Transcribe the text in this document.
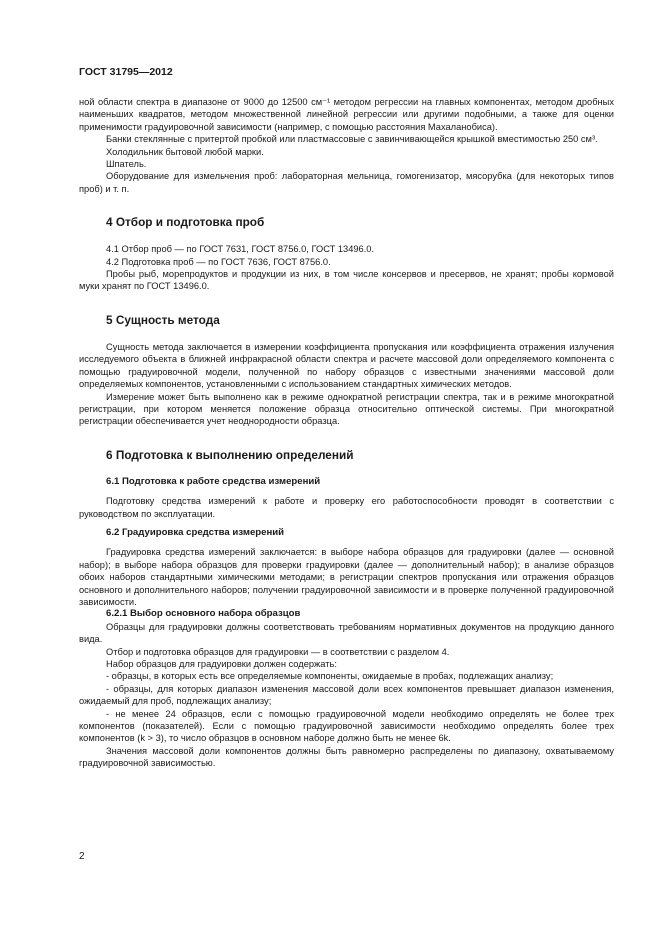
ГОСТ 31795—2012

ной области спектра в диапазоне от 9000 до 12500 см⁻¹ методом регрессии на главных компонентах, методом дробных наименьших квадратов, методом множественной линейной регрессии или другими подобными, а также для оценки применимости градуировочной зависимости (например, с помощью расстояния Махаланобиса).

Банки стеклянные с притертой пробкой или пластмассовые с завинчивающейся крышкой вместимостью 250 см³.

Холодильник бытовой любой марки.

Шпатель.

Оборудование для измельчения проб: лабораторная мельница, гомогенизатор, мясорубка (для некоторых типов проб) и т. п.

4 Отбор и подготовка проб

4.1 Отбор проб — по ГОСТ 7631, ГОСТ 8756.0, ГОСТ 13496.0.

4.2 Подготовка проб — по ГОСТ 7636, ГОСТ 8756.0.

Пробы рыб, морепродуктов и продукции из них, в том числе консервов и пресервов, не хранят; пробы кормовой муки хранят по ГОСТ 13496.0.

5 Сущность метода

Сущность метода заключается в измерении коэффициента пропускания или коэффициента отражения излучения исследуемого объекта в ближней инфракрасной области спектра и расчете массовой доли определяемого компонента с помощью градуировочной модели, полученной по набору образцов с известными значениями массовой доли определяемых компонентов, установленными с использованием стандартных химических методов.

Измерение может быть выполнено как в режиме однократной регистрации спектра, так и в режиме многократной регистрации, при котором меняется положение образца относительно оптической системы. При многократной регистрации обеспечивается учет неоднородности образца.

6 Подготовка к выполнению определений
6.1 Подготовка к работе средства измерений

Подготовку средства измерений к работе и проверку его работоспособности проводят в соответствии с руководством по эксплуатации.

6.2 Градуировка средства измерений

Градуировка средства измерений заключается: в выборе набора образцов для градуировки (далее — основной набор); в выборе набора образцов для проверки градуировки (далее — дополнительный набор); в анализе образцов обоих наборов стандартными химическими методами; в регистрации спектров пропускания или отражения образцов основного и дополнительного наборов; получении градуировочной зависимости и в проверке полученной градуировочной зависимости.

6.2.1 Выбор основного набора образцов

Образцы для градуировки должны соответствовать требованиям нормативных документов на продукцию данного вида.

Отбор и подготовка образцов для градуировки — в соответствии с разделом 4.

Набор образцов для градуировки должен содержать:

- образцы, в которых есть все определяемые компоненты, ожидаемые в пробах, подлежащих анализу;

- образцы, для которых диапазон изменения массовой доли всех компонентов превышает диапазон изменения, ожидаемый для проб, подлежащих анализу;

- не менее 24 образцов, если с помощью градуировочной модели необходимо определять не более трех компонентов (показателей). Если с помощью градуировочной зависимости необходимо определять более трех компонентов (k > 3), то число образцов в основном наборе должно быть не менее 6k.

Значения массовой доли компонентов должны быть равномерно распределены по диапазону, охватываемому градуировочной зависимостью.

2
